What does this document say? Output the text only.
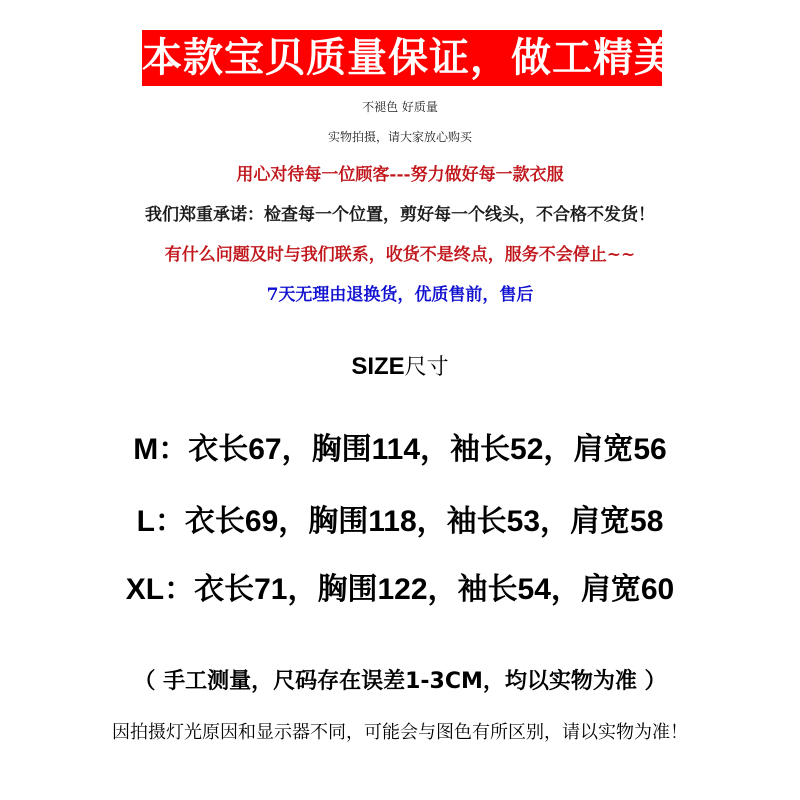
本款宝贝质量保证，做工精美
不褪色 好质量
实物拍摄，请大家放心购买
用心对待每一位顾客---努力做好每一款衣服
我们郑重承诺：检查每一个位置，剪好每一个线头，不合格不发货！
有什么问题及时与我们联系，收货不是终点，服务不会停止~~
7天无理由退换货，优质售前，售后
SIZE尺寸
M：衣长67，胸围114，袖长52，肩宽56
L：衣长69，胸围118，袖长53，肩宽58
XL：衣长71，胸围122，袖长54，肩宽60
（ 手工测量，尺码存在误差1-3CM，均以实物为准 ）
因拍摄灯光原因和显示器不同，可能会与图色有所区别，请以实物为准！
